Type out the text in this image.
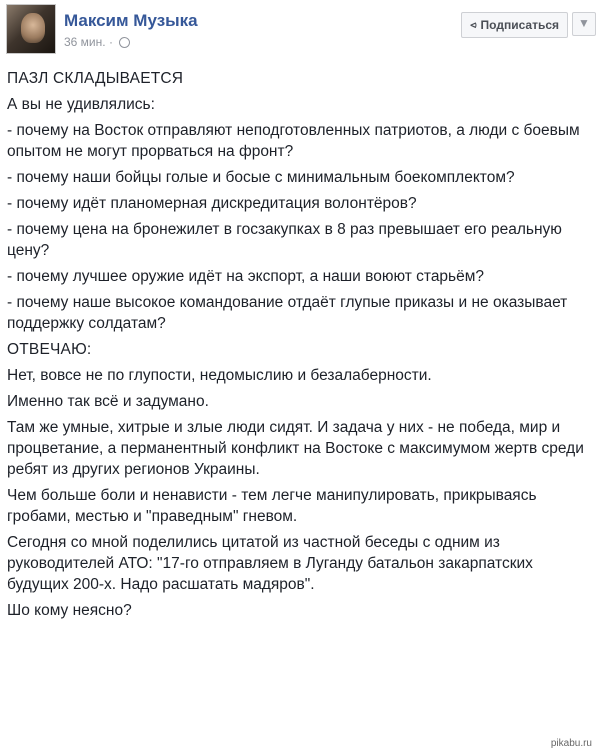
Максим Музыка
36 мин. ·
⪦ Подписаться	▼

ПАЗЛ СКЛАДЫВАЕТСЯ

А вы не удивлялись:

- почему на Восток отправляют неподготовленных патриотов, а люди с боевым опытом не могут прорваться на фронт?

- почему наши бойцы голые и босые с минимальным боекомплектом?

- почему идёт планомерная дискредитация волонтёров?

- почему цена на бронежилет в госзакупках в 8 раз превышает его реальную цену?

- почему лучшее оружие идёт на экспорт, а наши воюют старьём?

- почему наше высокое командование отдаёт глупые приказы и не оказывает поддержку солдатам?

ОТВЕЧАЮ:

Нет, вовсе не по глупости, недомыслию и безалаберности.

Именно так всё и задумано.

Там же умные, хитрые и злые люди сидят. И задача у них - не победа, мир и процветание, а перманентный конфликт на Востоке с максимумом жертв среди ребят из других регионов Украины.

Чем больше боли и ненависти - тем легче манипулировать, прикрываясь гробами, местью и "праведным" гневом.

Сегодня со мной поделились цитатой из частной беседы с одним из руководителей АТО: "17-го отправляем в Луганду батальон закарпатских будущих 200-х. Надо расшатать мадяров".

Шо кому неясно?

pikabu.ru
